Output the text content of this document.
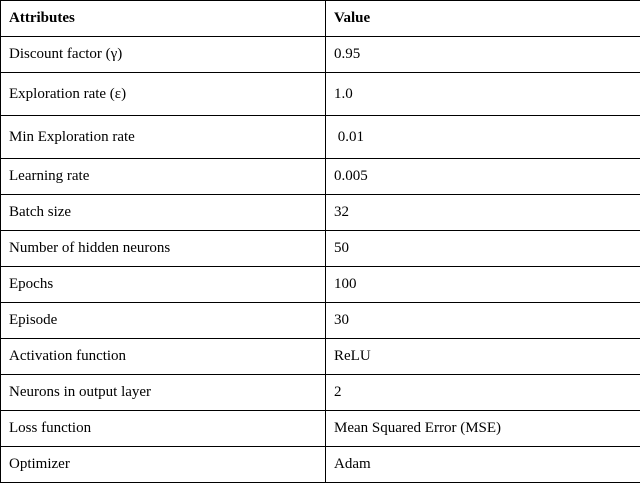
Attributes	Value
Discount factor (γ)	0.95
Exploration rate (ε)	1.0
Min Exploration rate	0.01
Learning rate	0.005
Batch size	32
Number of hidden neurons	50
Epochs	100
Episode	30
Activation function	ReLU
Neurons in output layer	2
Loss function	Mean Squared Error (MSE)
Optimizer	Adam
